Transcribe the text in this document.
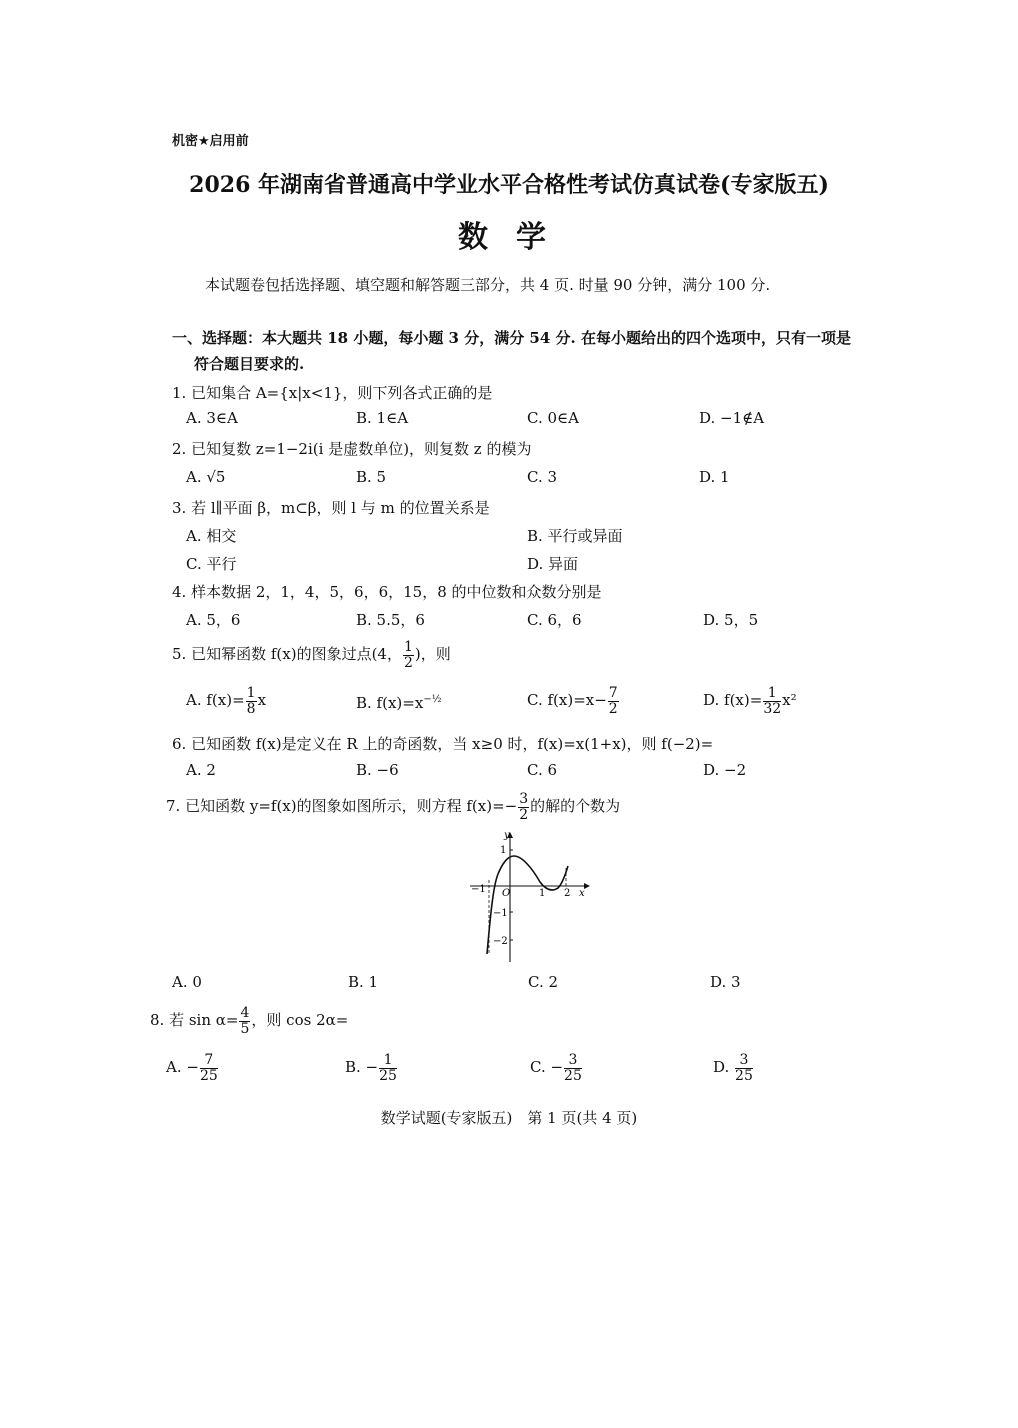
机密★启用前
2026 年湖南省普通高中学业水平合格性考试仿真试卷(专家版五)
数学
本试题卷包括选择题、填空题和解答题三部分，共 4 页. 时量 90 分钟，满分 100 分.
一、选择题：本大题共 18 小题，每小题 3 分，满分 54 分. 在每小题给出的四个选项中，只有一项是
符合题目要求的.
1. 已知集合 A={x|x<1}，则下列各式正确的是
A. 3∈A	B. 1∈A	C. 0∈A	D. −1∉A
2. 已知复数 z=1−2i(i 是虚数单位)，则复数 z 的模为
A. √5	B. 5	C. 3	D. 1
3. 若 l∥平面 β，m⊂β，则 l 与 m 的位置关系是
A. 相交	B. 平行或异面
C. 平行	D. 异面
4. 样本数据 2，1，4，5，6，6，15，8 的中位数和众数分别是
A. 5，6	B. 5.5，6	C. 6，6	D. 5，5
5. 已知幂函数 f(x)的图象过点(4， $\frac{1}{2}$ )，则
A. $f(x)= \frac{1}{8}$ x	B. $f(x)=x^{-\frac{1}{2}}$	C. $f(x)=x- \frac{7}{2}$	D. $f(x)= \frac{1}{32} x^2$
6. 已知函数 f(x)是定义在 R 上的奇函数，当 x≥0 时，f(x)=x(1+x)，则 f(−2)=
A. 2	B. −6	C. 6	D. −2
7. 已知函数 y=f(x)的图象如图所示，则方程 $f(x)=- \frac{3}{2}$ 的解的个数为
y
1
−1 O	1 2 x
−1
−2
A. 0	B. 1	C. 2	D. 3
8. 若 $\sin \alpha= \frac{4}{5}$ ，则 cos 2α=
A. − $\frac{7}{25}$	B. − $\frac{1}{25}$	C. − $\frac{3}{25}$	D. $\frac{3}{25}$
数学试题(专家版五)　第 1 页(共 4 页)
